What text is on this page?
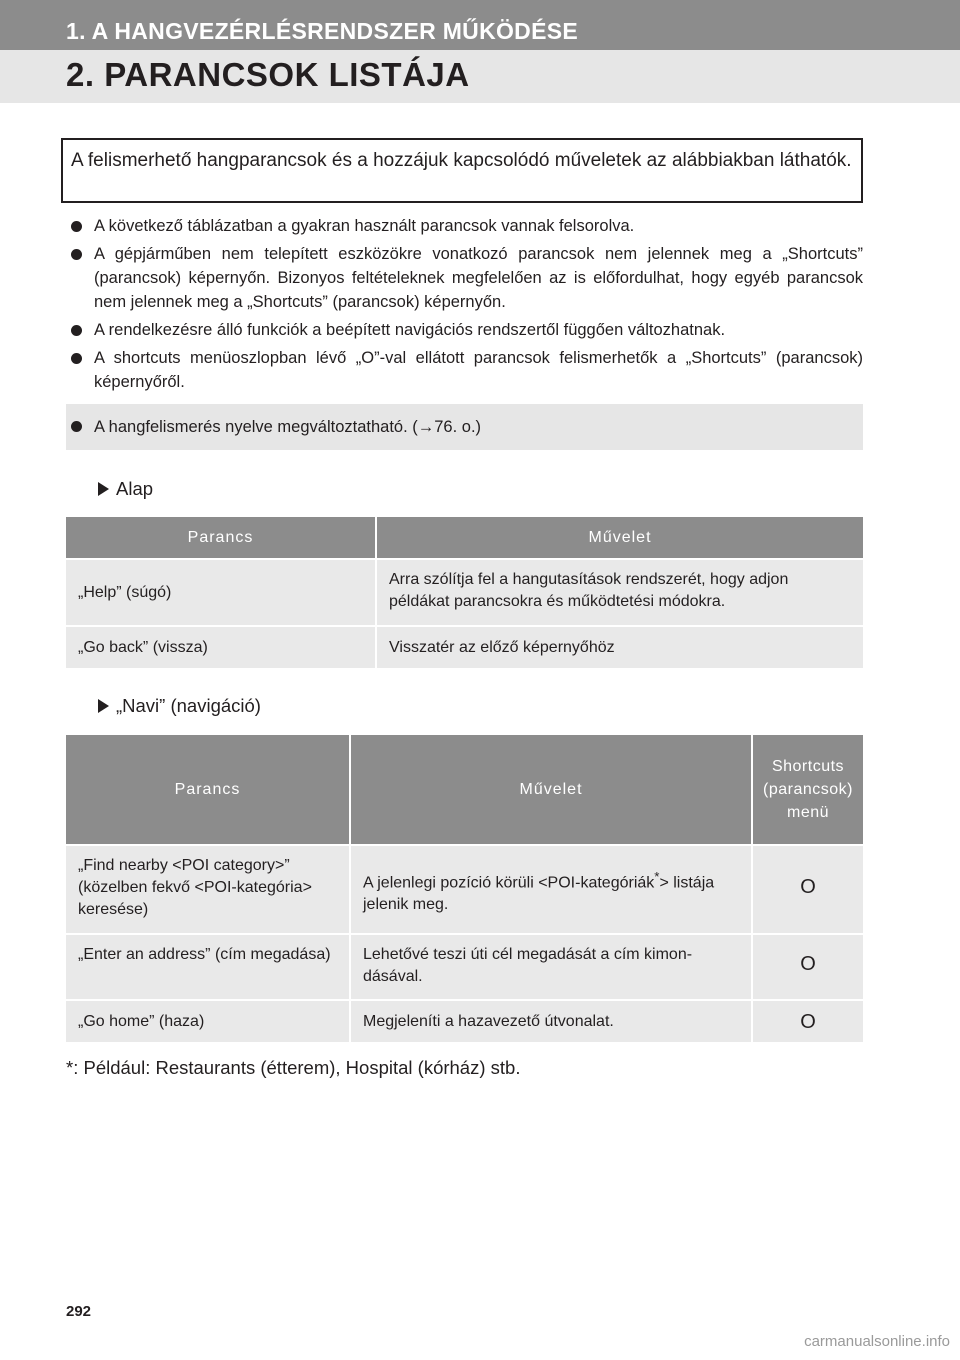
1. A HANGVEZÉRLÉSRENDSZER MŰKÖDÉSE
2. PARANCSOK LISTÁJA
A felismerhető hangparancsok és a hozzájuk kapcsolódó műveletek az alábbiakban láthatók.
A következő táblázatban a gyakran használt parancsok vannak felsorolva.
A gépjárműben nem telepített eszközökre vonatkozó parancsok nem jelennek meg a „Shortcuts” (parancsok) képernyőn. Bizonyos feltételeknek megfelelően az is előfordulhat, hogy egyéb parancsok nem jelennek meg a „Shortcuts” (parancsok) képernyőn.
A rendelkezésre álló funkciók a beépített navigációs rendszertől függően változhatnak.
A shortcuts menüoszlopban lévő „O”-val ellátott parancsok felismerhetők a „Shortcuts” (parancsok) képernyőről.
A hangfelismerés nyelve megváltoztatható. (→76. o.)
Alap
Parancs	Művelet
„Help” (súgó)	Arra szólítja fel a hangutasítások rendszerét, hogy adjon példákat parancsokra és működtetési módokra.
„Go back” (vissza)	Visszatér az előző képernyőhöz
„Navi” (navigáció)
Parancs	Művelet	Shortcuts (parancsok) menü
„Find nearby <POI category>” (közelben fekvő <POI-kategória> keresése)	A jelenlegi pozíció körüli <POI-kategóriák*> listája jelenik meg.	O
„Enter an address” (cím megadása)	Lehetővé teszi úti cél megadását a cím kimondásával.	O
„Go home” (haza)	Megjeleníti a hazavezető útvonalat.	O
*: Például: Restaurants (étterem), Hospital (kórház) stb.
292
carmanualsonline.info
